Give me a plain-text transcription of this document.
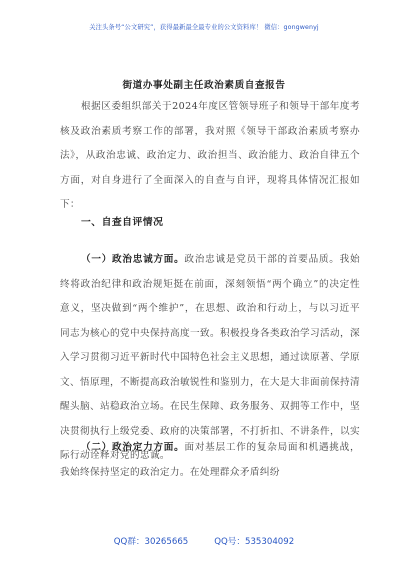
关注头条号“公文研究”，获得最新最全最专业的公文资料库！ 微信：gongwenyj
街道办事处副主任政治素质自查报告
根据区委组织部关于2024年度区管领导班子和领导干部年度考核及政治素质考察工作的部署，我对照《领导干部政治素质考察办法》，从政治忠诚、政治定力、政治担当、政治能力、政治自律五个方面，对自身进行了全面深入的自查与自评，现将具体情况汇报如下：
一、自查自评情况
（一）政治忠诚方面。政治忠诚是党员干部的首要品质。我始终将政治纪律和政治规矩挺在前面，深刻领悟“两个确立”的决定性意义，坚决做到“两个维护”，在思想、政治和行动上，与以习近平同志为核心的党中央保持高度一致。积极投身各类政治学习活动，深入学习贯彻习近平新时代中国特色社会主义思想，通过读原著、学原文、悟原理，不断提高政治敏锐性和鉴别力，在大是大非面前保持清醒头脑、站稳政治立场。在民生保障、政务服务、双拥等工作中，坚决贯彻执行上级党委、政府的决策部署，不打折扣、不讲条件，以实际行动诠释对党的忠诚。
（二）政治定力方面。面对基层工作的复杂局面和机遇挑战，我始终保持坚定的政治定力。在处理群众矛盾纠纷
QQ群：30265665	QQ号：535304092
